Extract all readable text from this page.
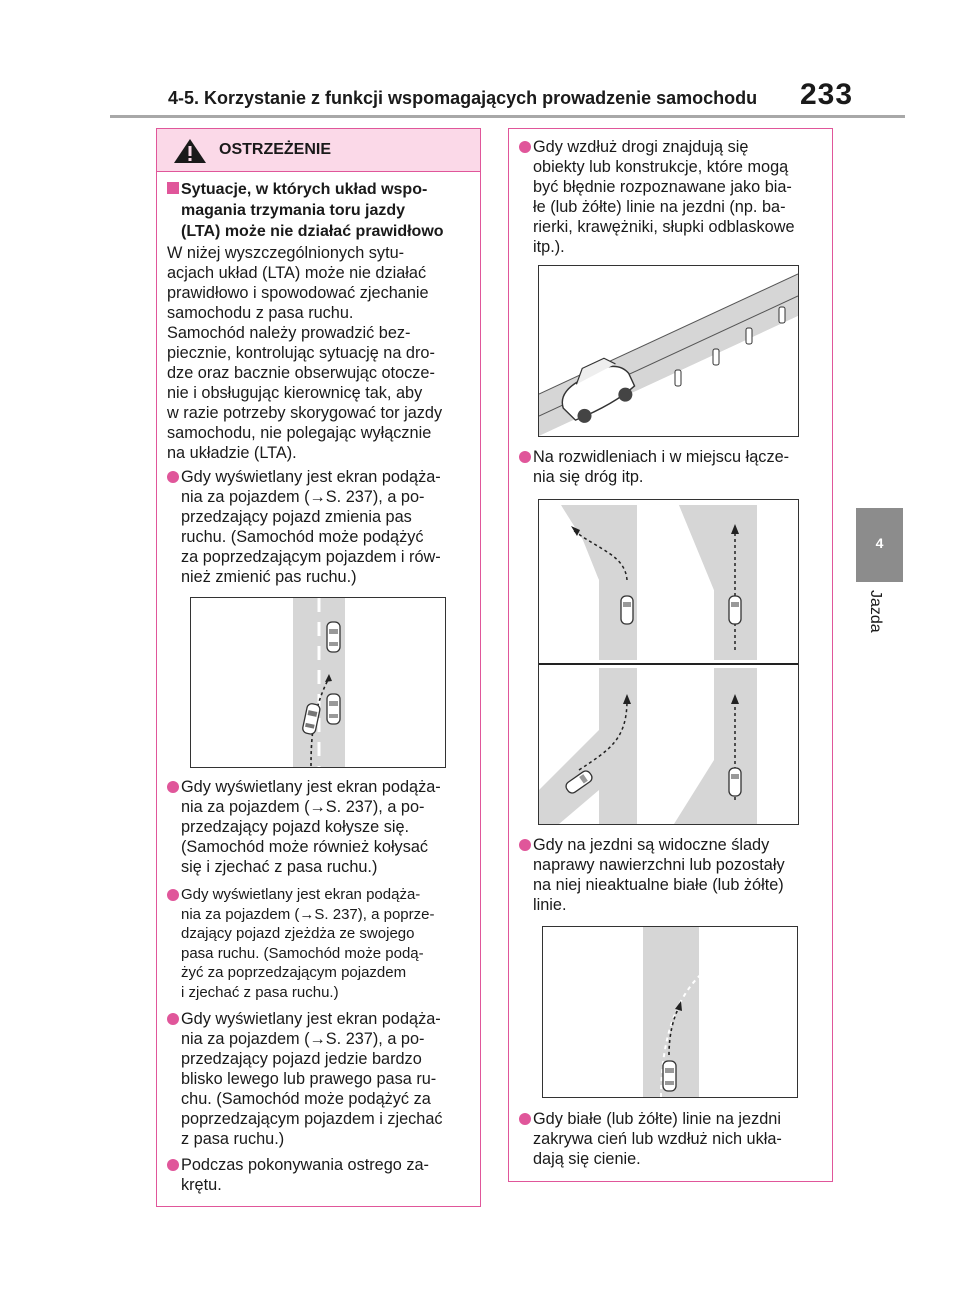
4-5. Korzystanie z funkcji wspomagających prowadzenie samochodu 233
4
Jazda
OSTRZEŻENIE
Sytuacje, w których układ wspo-
magania trzymania toru jazdy
(LTA) może nie działać prawidłowo
W niżej wyszczególnionych sytu-
acjach układ (LTA) może nie działać
prawidłowo i spowodować zjechanie
samochodu z pasa ruchu.
Samochód należy prowadzić bez-
piecznie, kontrolując sytuację na dro-
dze oraz bacznie obserwując otocze-
nie i obsługując kierownicę tak, aby
w razie potrzeby skorygować tor jazdy
samochodu, nie polegając wyłącznie
na układzie (LTA).
Gdy wyświetlany jest ekran podąża-
nia za pojazdem (→S. 237), a po-
przedzający pojazd zmienia pas
ruchu. (Samochód może podążyć
za poprzedzającym pojazdem i rów-
nież zmienić pas ruchu.)
Gdy wyświetlany jest ekran podąża-
nia za pojazdem (→S. 237), a po-
przedzający pojazd kołysze się.
(Samochód może również kołysać
się i zjechać z pasa ruchu.)
Gdy wyświetlany jest ekran podąża-
nia za pojazdem (→S. 237), a poprze-
dzający pojazd zjeżdża ze swojego
pasa ruchu. (Samochód może podą-
żyć za poprzedzającym pojazdem
i zjechać z pasa ruchu.)
Gdy wyświetlany jest ekran podąża-
nia za pojazdem (→S. 237), a po-
przedzający pojazd jedzie bardzo
blisko lewego lub prawego pasa ru-
chu. (Samochód może podążyć za
poprzedzającym pojazdem i zjechać
z pasa ruchu.)
Podczas pokonywania ostrego za-
krętu.
Gdy wzdłuż drogi znajdują się
obiekty lub konstrukcje, które mogą
być błędnie rozpoznawane jako bia-
łe (lub żółte) linie na jezdni (np. ba-
rierki, krawężniki, słupki odblaskowe
itp.).
Na rozwidleniach i w miejscu łącze-
nia się dróg itp.
Gdy na jezdni są widoczne ślady
naprawy nawierzchni lub pozostały
na niej nieaktualne białe (lub żółte)
linie.
Gdy białe (lub żółte) linie na jezdni
zakrywa cień lub wzdłuż nich ukła-
dają się cienie.
